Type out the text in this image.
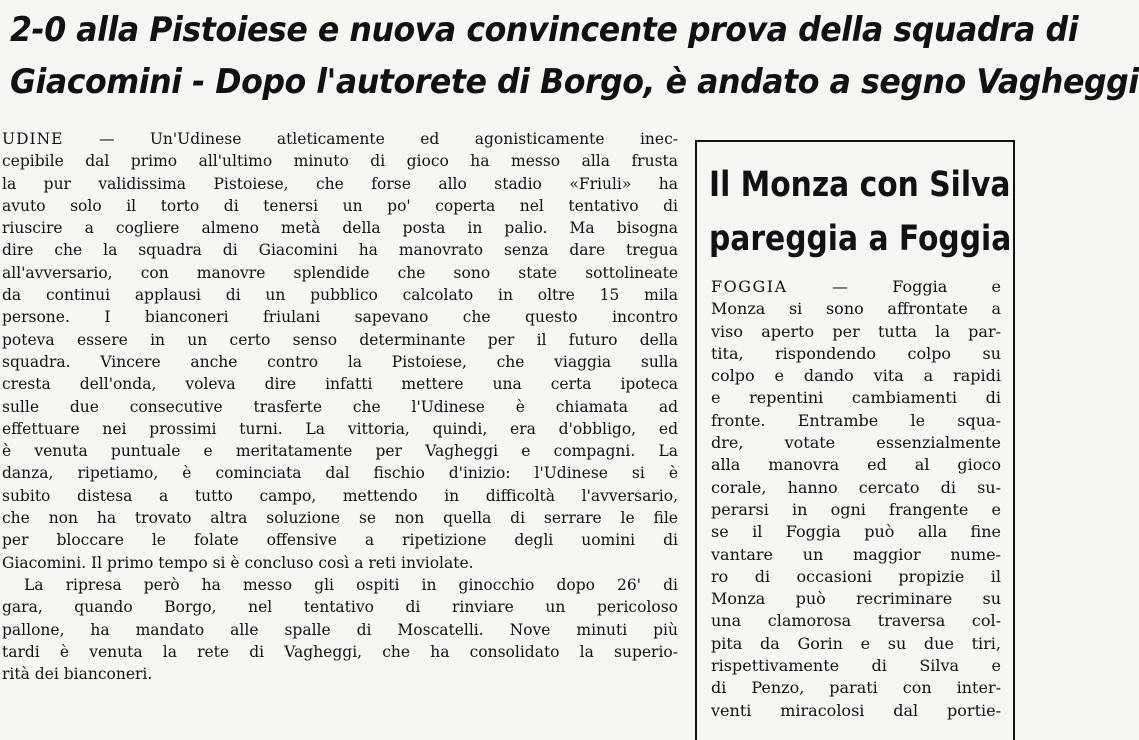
2-0 alla Pistoiese e nuova convincente prova della squadra di
Giacomini - Dopo l'autorete di Borgo, è andato a segno Vagheggi
UDINE — Un'Udinese atleticamente ed agonisticamente inec-
cepibile dal primo all'ultimo minuto di gioco ha messo alla frusta
la pur validissima Pistoiese, che forse allo stadio «Friuli» ha
avuto solo il torto di tenersi un po' coperta nel tentativo di
riuscire a cogliere almeno metà della posta in palio. Ma bisogna
dire che la squadra di Giacomini ha manovrato senza dare tregua
all'avversario, con manovre splendide che sono state sottolineate
da continui applausi di un pubblico calcolato in oltre 15 mila
persone. I bianconeri friulani sapevano che questo incontro
poteva essere in un certo senso determinante per il futuro della
squadra. Vincere anche contro la Pistoiese, che viaggia sulla
cresta dell'onda, voleva dire infatti mettere una certa ipoteca
sulle due consecutive trasferte che l'Udinese è chiamata ad
effettuare nei prossimi turni. La vittoria, quindi, era d'obbligo, ed
è venuta puntuale e meritatamente per Vagheggi e compagni. La
danza, ripetiamo, è cominciata dal fischio d'inizio: l'Udinese si è
subito distesa a tutto campo, mettendo in difficoltà l'avversario,
che non ha trovato altra soluzione se non quella di serrare le file
per bloccare le folate offensive a ripetizione degli uomini di
Giacomini. Il primo tempo si è concluso così a reti inviolate.
La ripresa però ha messo gli ospiti in ginocchio dopo 26' di
gara, quando Borgo, nel tentativo di rinviare un pericoloso
pallone, ha mandato alle spalle di Moscatelli. Nove minuti più
tardi è venuta la rete di Vagheggi, che ha consolidato la superio-
rità dei bianconeri.
Il Monza con Silva
pareggia a Foggia
FOGGIA	— Foggia e
Monza si sono affrontate a
viso aperto per tutta la par-
tita, rispondendo colpo su
colpo e dando vita a rapidi
e repentini cambiamenti di
fronte. Entrambe le squa-
dre, votate essenzialmente
alla manovra ed al gioco
corale, hanno cercato di su-
perarsi in ogni frangente e
se il Foggia può alla fine
vantare un maggior nume-
ro di occasioni propizie il
Monza può recriminare su
una clamorosa traversa col-
pita da Gorin e su due tiri,
rispettivamente di Silva e
di Penzo, parati con inter-
venti miracolosi dal portie-
